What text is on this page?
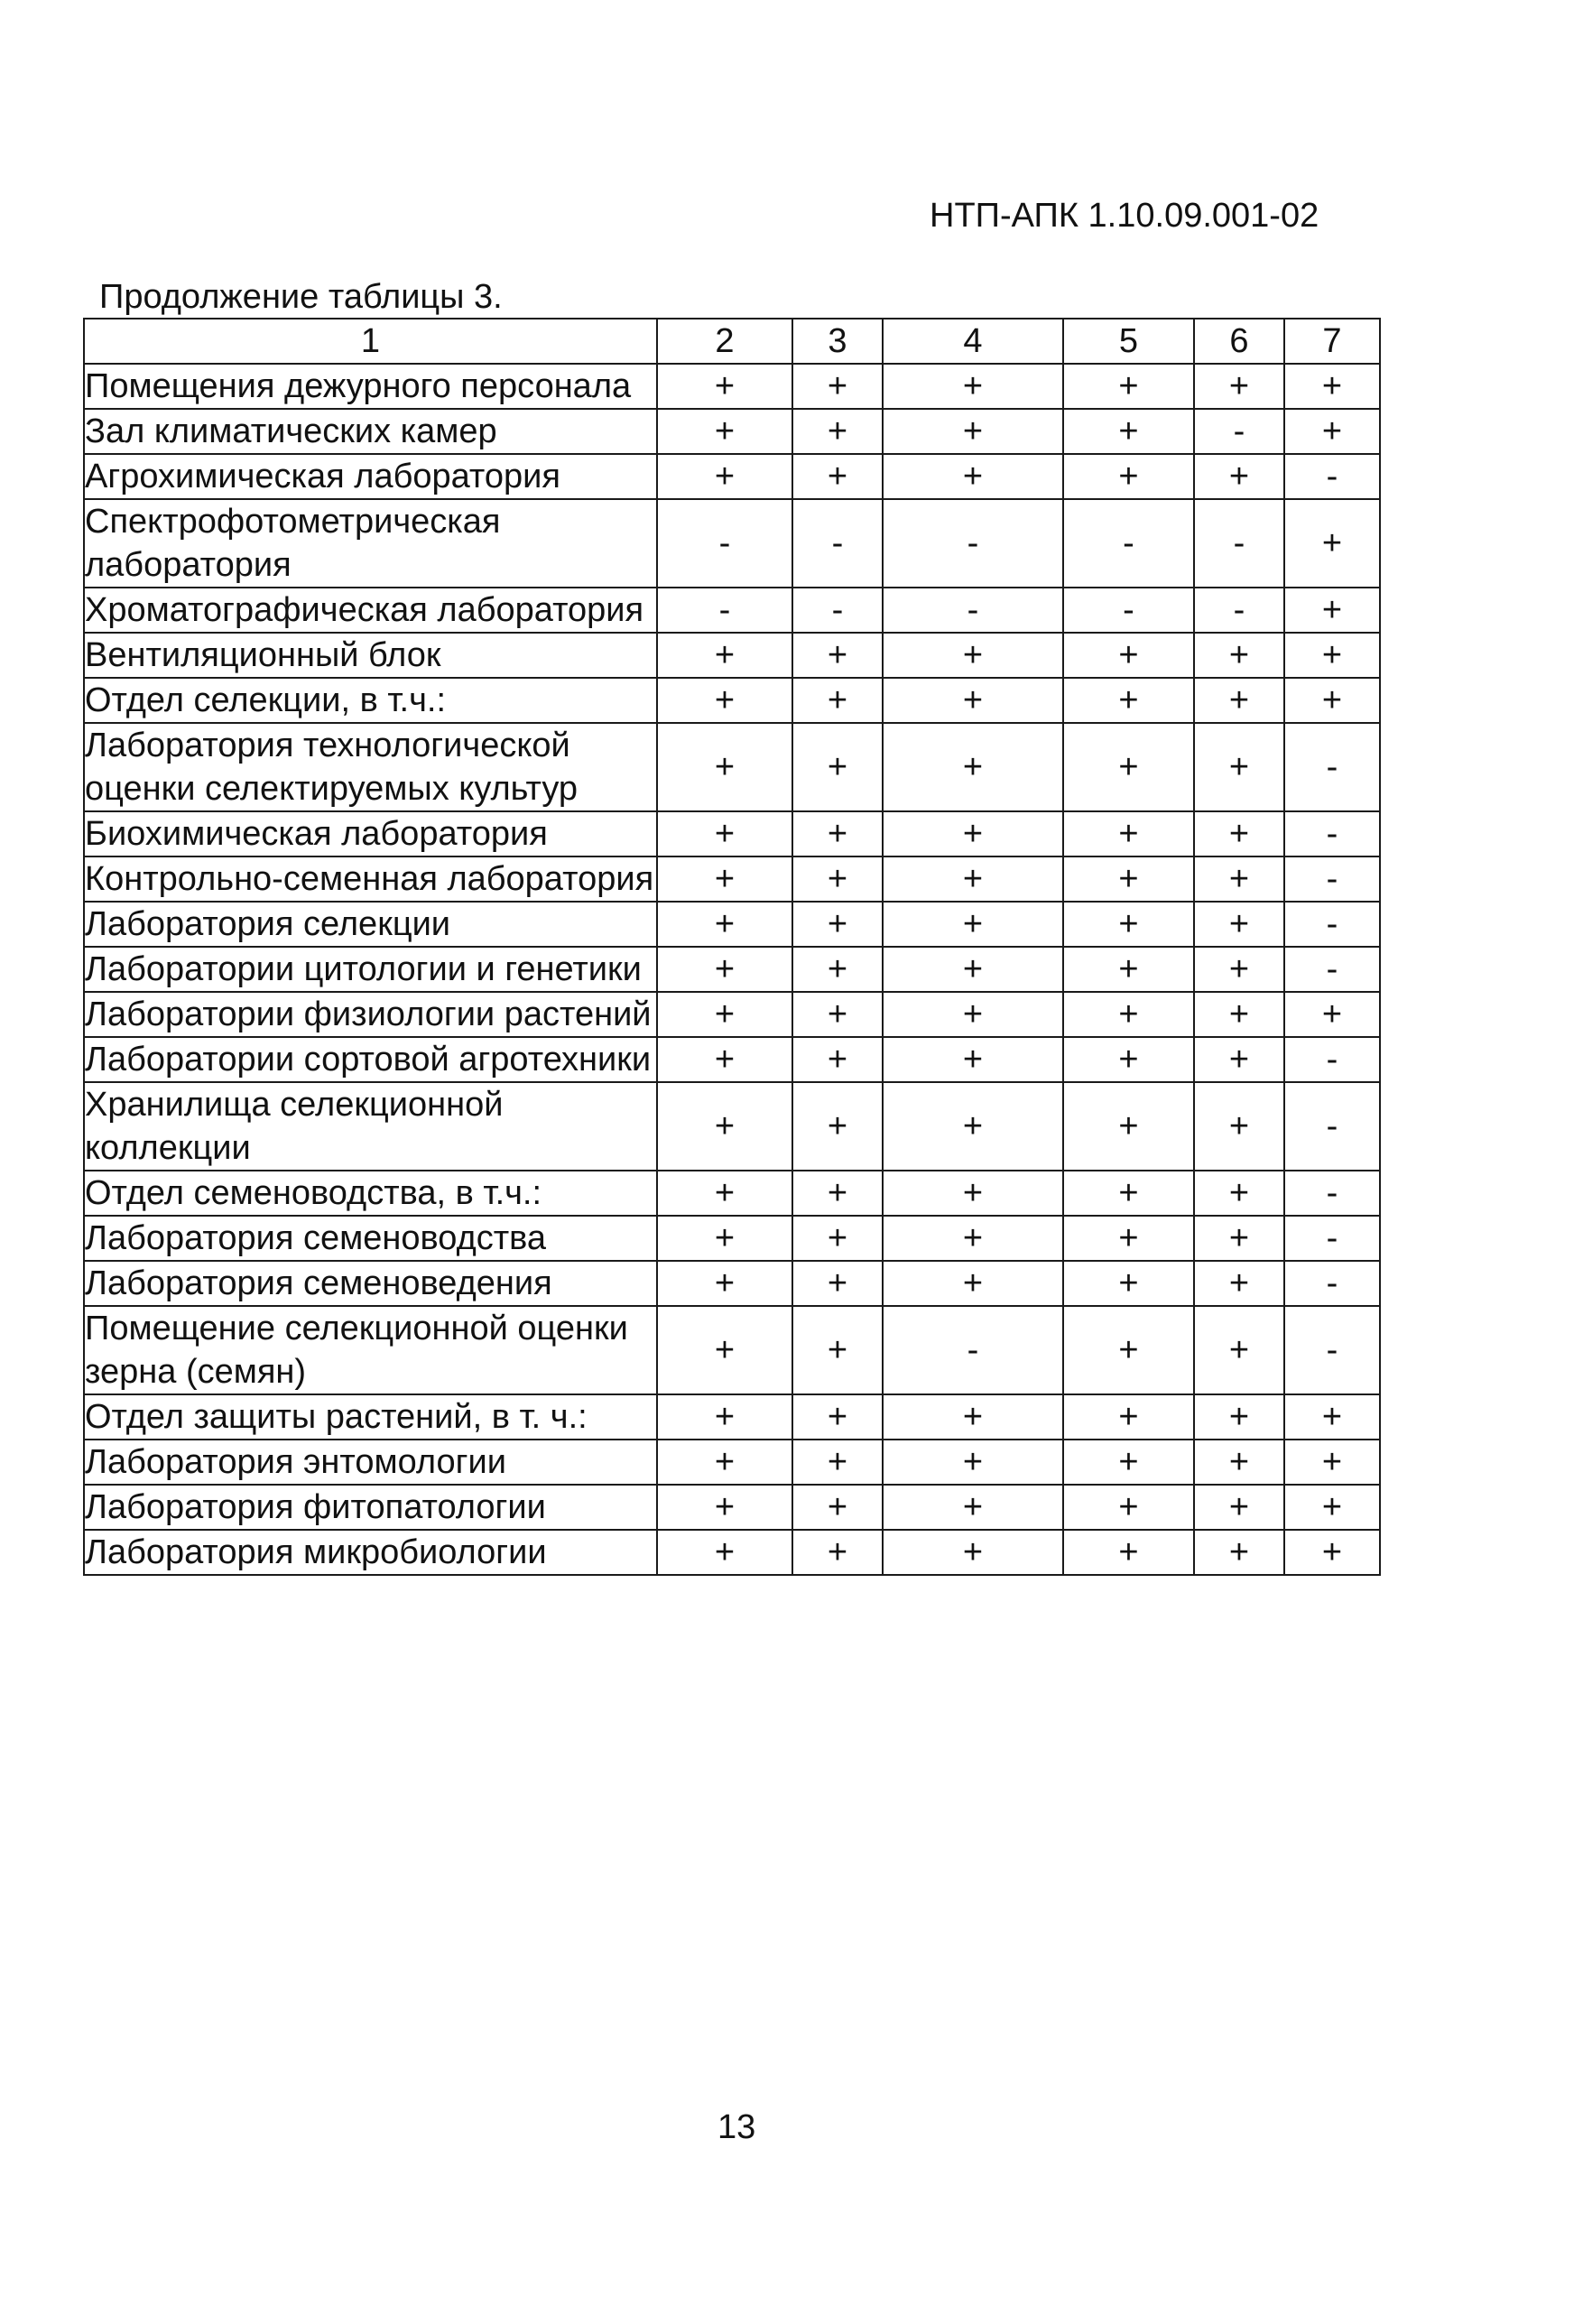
НТП-АПК 1.10.09.001-02
Продолжение таблицы 3.
1	2	3	4	5	6	7
Помещения дежурного персонала	+	+	+	+	+	+
Зал климатических камер	+	+	+	+	-	+
Агрохимическая лаборатория	+	+	+	+	+	-
Спектрофотометрическая лаборатория	-	-	-	-	-	+
Хроматографическая лаборатория	-	-	-	-	-	+
Вентиляционный блок	+	+	+	+	+	+
Отдел селекции, в т.ч.:	+	+	+	+	+	+
Лаборатория технологической оценки селектируемых культур	+	+	+	+	+	-
Биохимическая лаборатория	+	+	+	+	+	-
Контрольно-семенная лаборатория	+	+	+	+	+	-
Лаборатория селекции	+	+	+	+	+	-
Лаборатории цитологии и генетики	+	+	+	+	+	-
Лаборатории физиологии растений	+	+	+	+	+	+
Лаборатории сортовой агротехники	+	+	+	+	+	-
Хранилища селекционной коллекции	+	+	+	+	+	-
Отдел семеноводства, в т.ч.:	+	+	+	+	+	-
Лаборатория семеноводства	+	+	+	+	+	-
Лаборатория семеноведения	+	+	+	+	+	-
Помещение селекционной оценки зерна (семян)	+	+	-	+	+	-
Отдел защиты растений, в т. ч.:	+	+	+	+	+	+
Лаборатория энтомологии	+	+	+	+	+	+
Лаборатория фитопатологии	+	+	+	+	+	+
Лаборатория микробиологии	+	+	+	+	+	+
13
